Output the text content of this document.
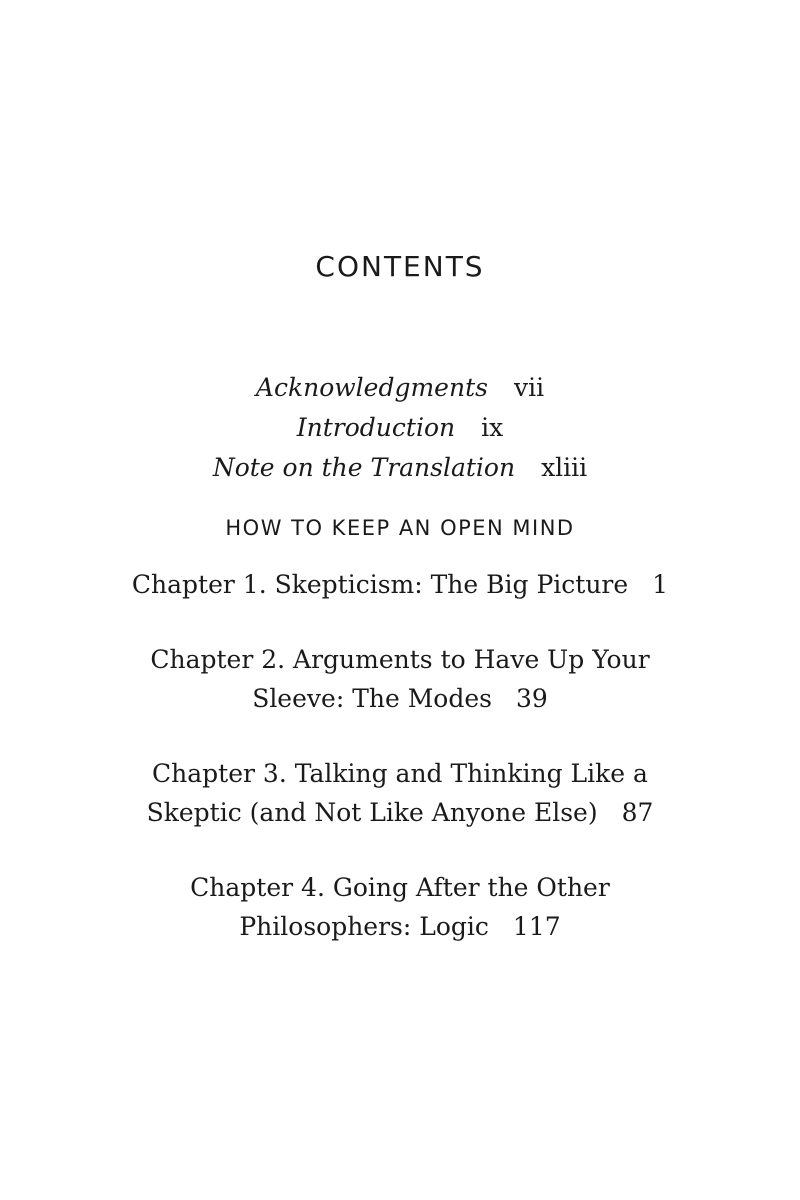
CONTENTS
Acknowledgments vii
Introduction ix
Note on the Translation xliii
HOW TO KEEP AN OPEN MIND
Chapter 1. Skepticism: The Big Picture 1
Chapter 2. Arguments to Have Up Your
Sleeve: The Modes 39
Chapter 3. Talking and Thinking Like a
Skeptic (and Not Like Anyone Else) 87
Chapter 4. Going After the Other
Philosophers: Logic 117
